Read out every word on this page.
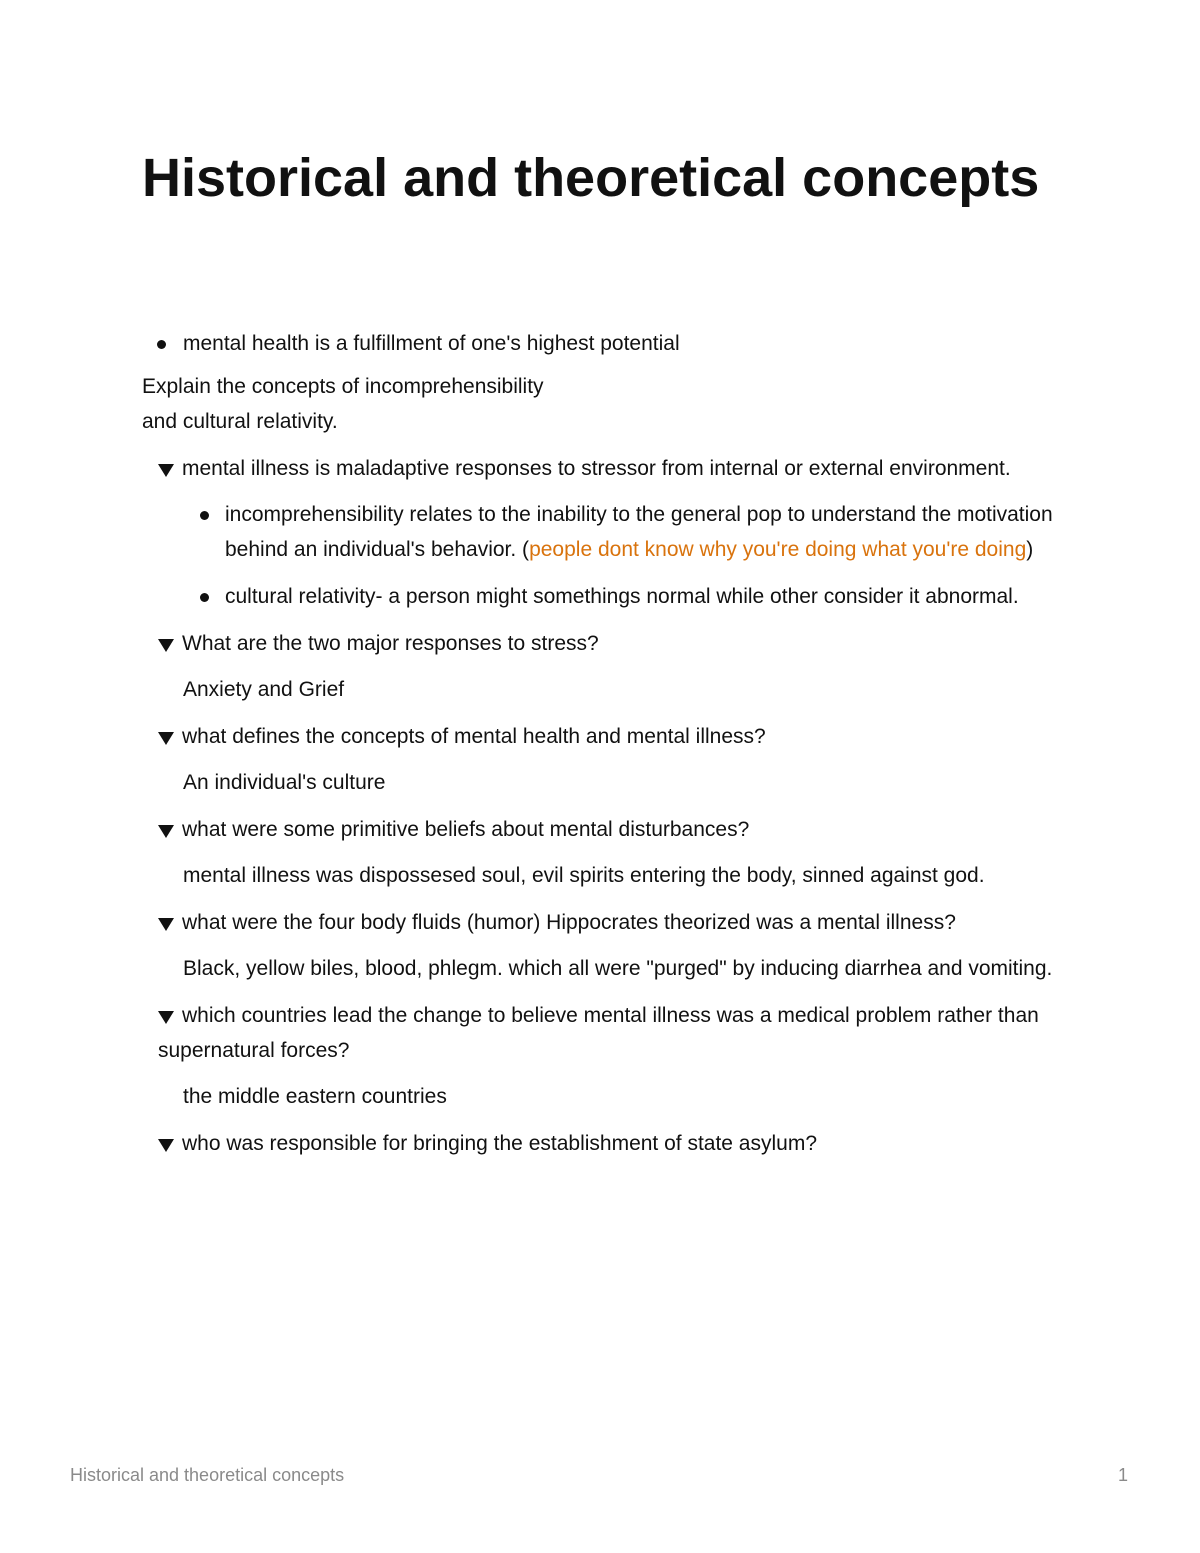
Historical and theoretical concepts
mental health is a fulfillment of one's highest potential
Explain the concepts of incomprehensibility
and cultural relativity.
mental illness is maladaptive responses to stressor from internal or external environment.
incomprehensibility relates to the inability to the general pop to understand the motivation behind an individual's behavior. (people dont know why you're doing what you're doing)
cultural relativity- a person might somethings normal while other consider it abnormal.
What are the two major responses to stress?
Anxiety and Grief
what defines the concepts of mental health and mental illness?
An individual's culture
what were some primitive beliefs about mental disturbances?
mental illness was dispossesed soul, evil spirits entering the body, sinned against god.
what were the four body fluids (humor) Hippocrates theorized was a mental illness?
Black, yellow biles, blood, phlegm. which all were "purged" by inducing diarrhea and vomiting.
which countries lead the change to believe mental illness was a medical problem rather than supernatural forces?
the middle eastern countries
who was responsible for bringing the establishment of state asylum?
Historical and theoretical concepts	1
